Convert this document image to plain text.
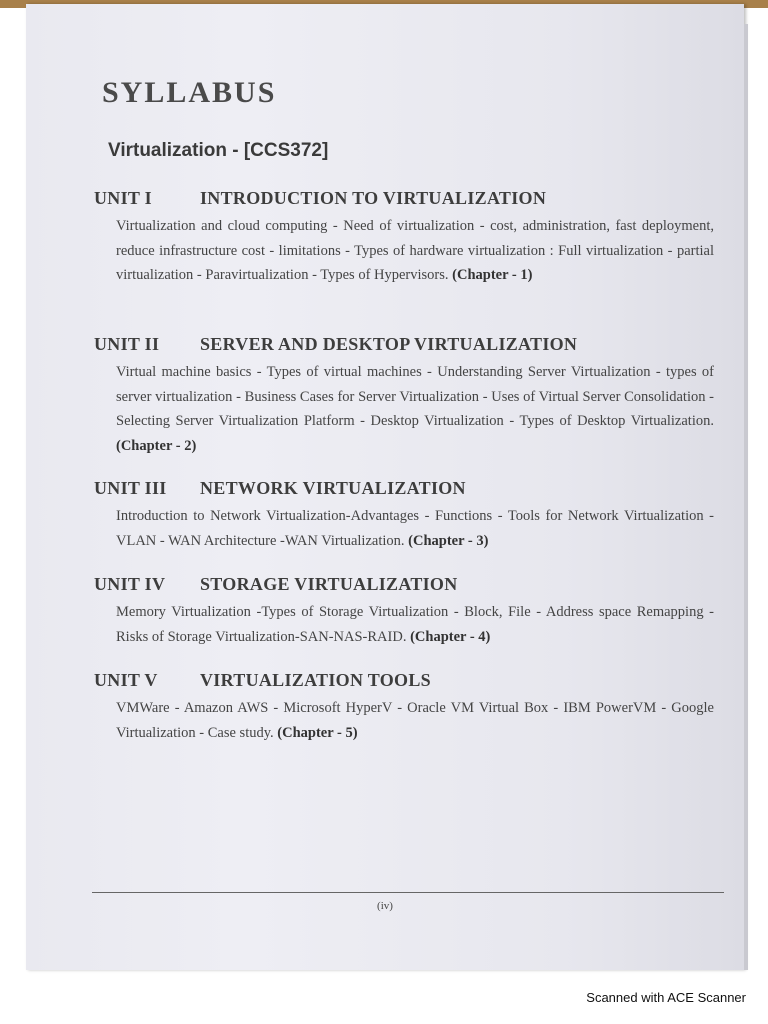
SYLLABUS
Virtualization - [CCS372]
UNIT I	INTRODUCTION TO VIRTUALIZATION

Virtualization and cloud computing - Need of virtualization - cost, administration, fast deployment, reduce infrastructure cost - limitations - Types of hardware virtualization : Full virtualization - partial virtualization - Paravirtualization - Types of Hypervisors. (Chapter - 1)

UNIT II SERVER AND DESKTOP VIRTUALIZATION

Virtual machine basics - Types of virtual machines - Understanding Server Virtualization - types of server virtualization - Business Cases for Server Virtualization - Uses of Virtual Server Consolidation - Selecting Server Virtualization Platform - Desktop Virtualization - Types of Desktop Virtualization. (Chapter - 2)

UNIT III NETWORK VIRTUALIZATION

Introduction to Network Virtualization-Advantages - Functions - Tools for Network Virtualization - VLAN - WAN Architecture -WAN Virtualization. (Chapter - 3)

UNIT IV STORAGE VIRTUALIZATION

Memory Virtualization -Types of Storage Virtualization - Block, File - Address space Remapping - Risks of Storage Virtualization-SAN-NAS-RAID. (Chapter - 4)

UNIT V VIRTUALIZATION TOOLS

VMWare - Amazon AWS - Microsoft HyperV - Oracle VM Virtual Box - IBM PowerVM - Google Virtualization - Case study. (Chapter - 5)

(iv)
Scanned with ACE Scanner
